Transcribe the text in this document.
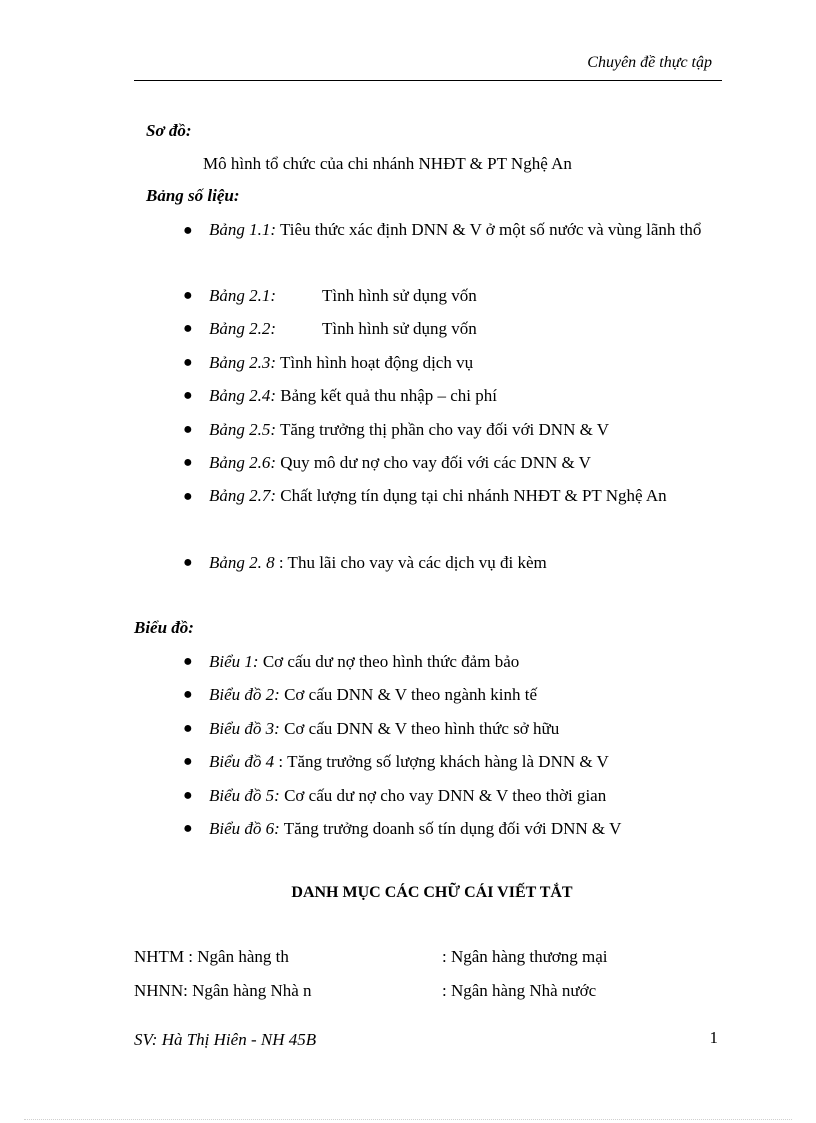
Chuyên đề thực tập
Sơ đồ:
Mô hình tổ chức của chi nhánh NHĐT & PT Nghệ An
Bảng số liệu:
● Bảng 1.1: Tiêu thức xác định DNN & V ở một số nước và vùng lãnh thổ
● Bảng 2.1:	Tình hình sử dụng vốn
● Bảng 2.2:	Tình hình sử dụng vốn
● Bảng 2.3: Tình hình hoạt động dịch vụ
● Bảng 2.4: Bảng kết quả thu nhập – chi phí
● Bảng 2.5: Tăng trưởng thị phần cho vay đối với DNN & V
● Bảng 2.6: Quy mô dư nợ cho vay đối với các DNN & V
● Bảng 2.7: Chất lượng tín dụng tại chi nhánh NHĐT & PT Nghệ An
● Bảng 2. 8 : Thu lãi cho vay và các dịch vụ đi kèm
Biểu đồ:
● Biểu 1: Cơ cấu dư nợ theo hình thức đảm bảo
● Biểu đồ 2: Cơ cấu DNN & V theo ngành kinh tế
● Biểu đồ 3: Cơ cấu DNN & V theo hình thức sở hữu
● Biểu đồ 4 : Tăng trưởng số lượng khách hàng là DNN & V
● Biểu đồ 5: Cơ cấu dư nợ cho vay DNN & V theo thời gian
● Biểu đồ 6: Tăng trưởng doanh số tín dụng đối với DNN & V
DANH MỤC CÁC CHỮ CÁI VIẾT TẮT
NHTM : Ngân hàng th	: Ngân hàng thương mại
NHNN: Ngân hàng Nhà n	: Ngân hàng Nhà nước
SV: Hà Thị Hiên - NH 45B	1
